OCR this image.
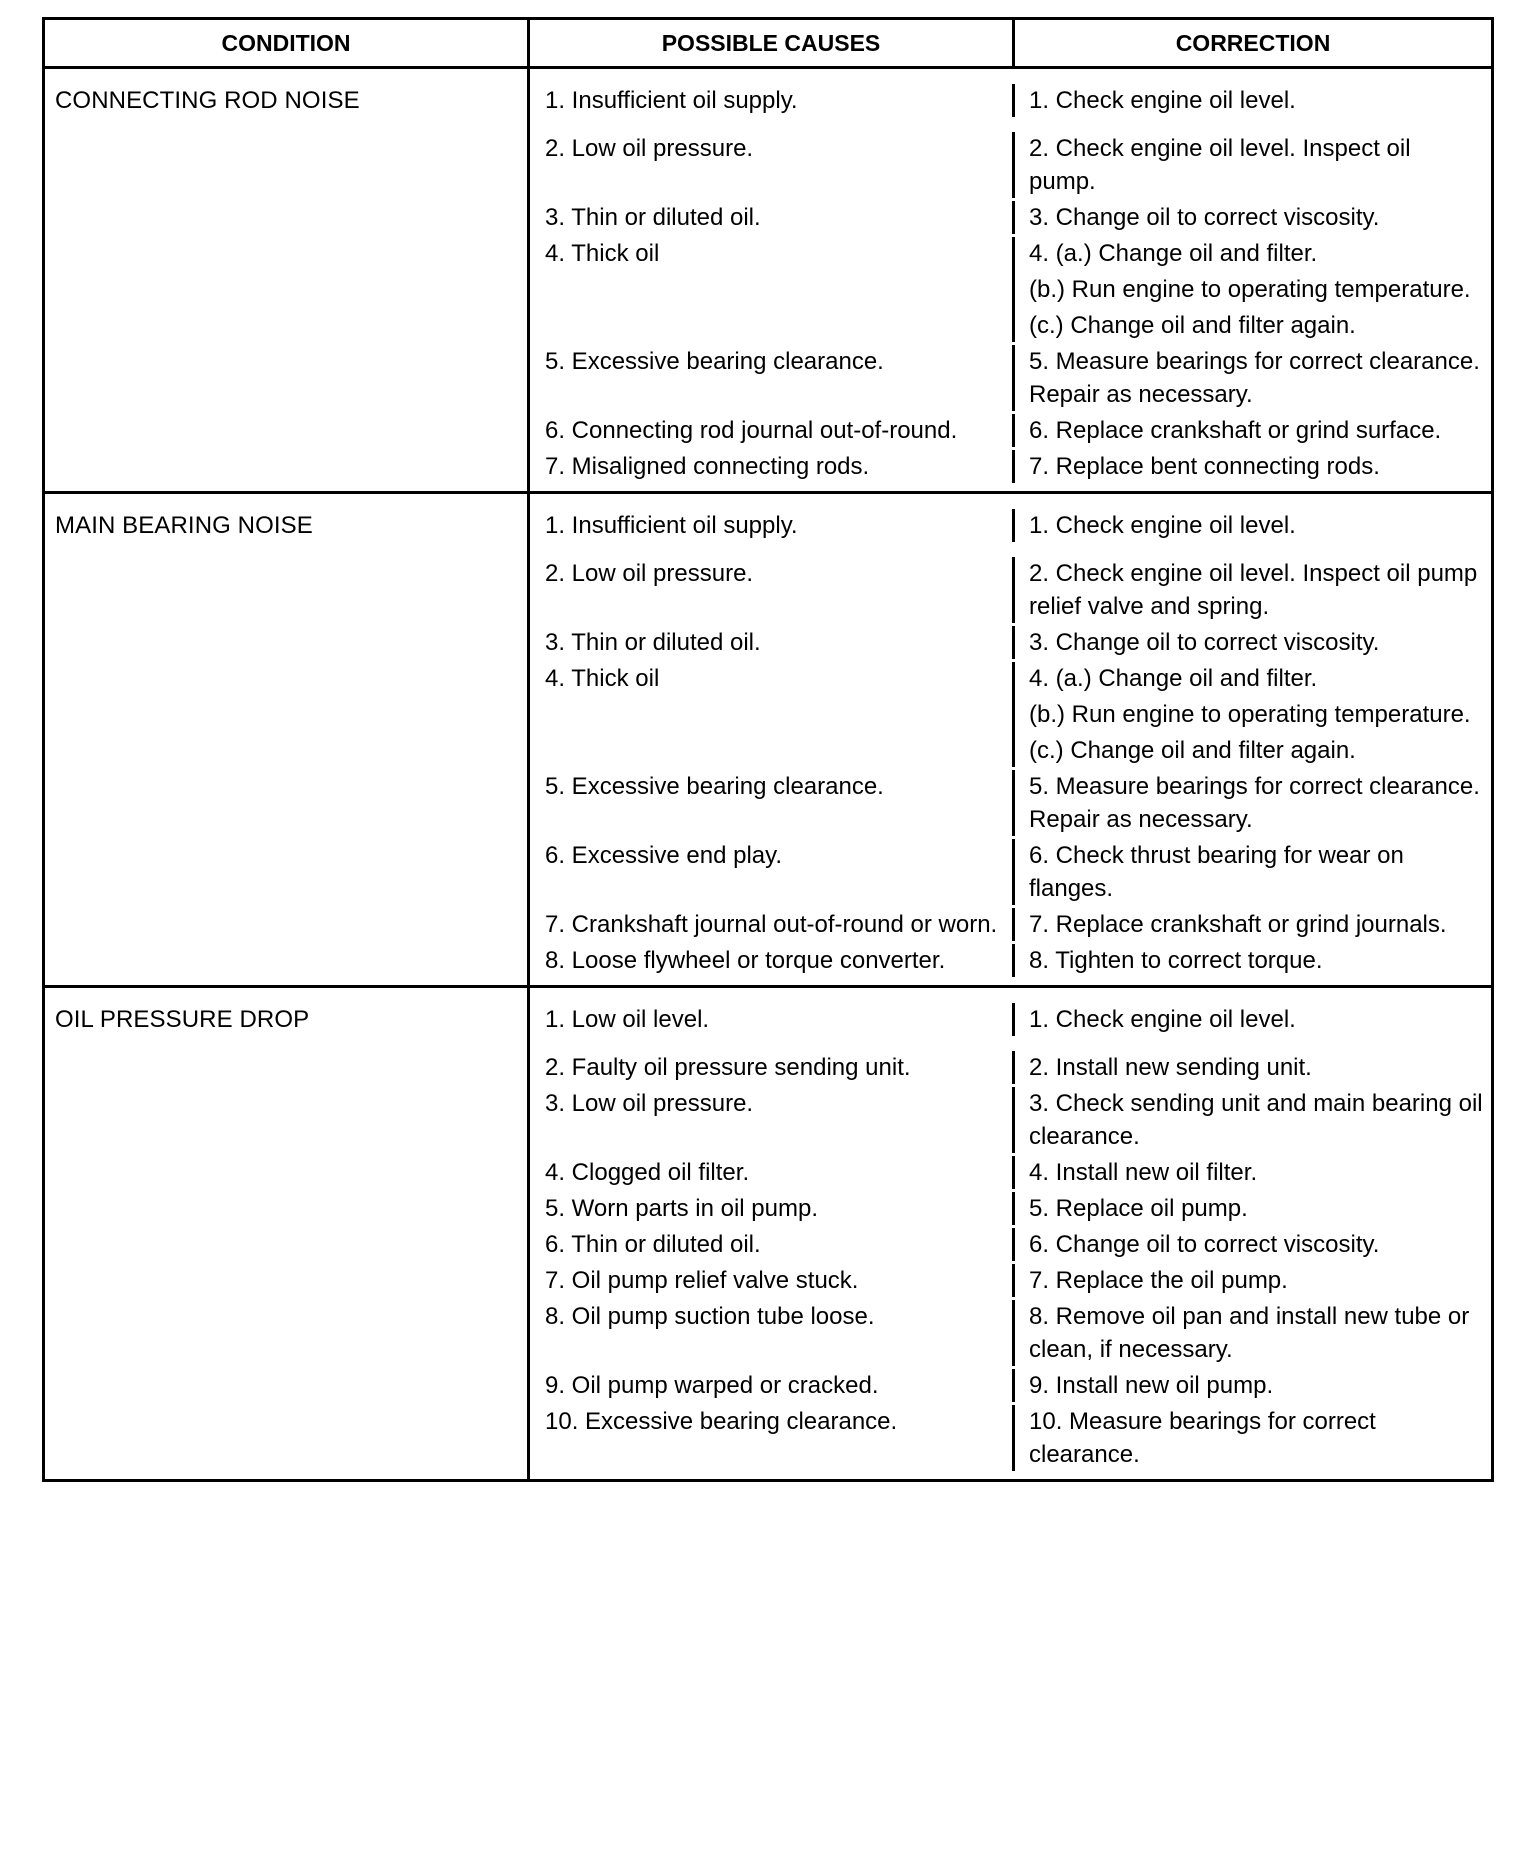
CONDITION	POSSIBLE CAUSES	CORRECTION
CONNECTING ROD NOISE	1. Insufficient oil supply.	1. Check engine oil level.
2. Low oil pressure.	2. Check engine oil level. Inspect oil pump.
3. Thin or diluted oil.	3. Change oil to correct viscosity.
4. Thick oil	4. (a.) Change oil and filter.
(b.) Run engine to operating temperature.
(c.) Change oil and filter again.
5. Excessive bearing clearance.	5. Measure bearings for correct clearance. Repair as necessary.
6. Connecting rod journal out-of-round.	6. Replace crankshaft or grind surface.
7. Misaligned connecting rods.	7. Replace bent connecting rods.
MAIN BEARING NOISE	1. Insufficient oil supply.	1. Check engine oil level.
2. Low oil pressure.	2. Check engine oil level. Inspect oil pump relief valve and spring.
3. Thin or diluted oil.	3. Change oil to correct viscosity.
4. Thick oil	4. (a.) Change oil and filter.
(b.) Run engine to operating temperature.
(c.) Change oil and filter again.
5. Excessive bearing clearance.	5. Measure bearings for correct clearance. Repair as necessary.
6. Excessive end play.	6. Check thrust bearing for wear on flanges.
7. Crankshaft journal out-of-round or worn. 7. Replace crankshaft or grind journals.
8. Loose flywheel or torque converter.	8. Tighten to correct torque.
OIL PRESSURE DROP	1. Low oil level.	1. Check engine oil level.
2. Faulty oil pressure sending unit.	2. Install new sending unit.
3. Low oil pressure.	3. Check sending unit and main bearing oil clearance.
4. Clogged oil filter.	4. Install new oil filter.
5. Worn parts in oil pump.	5. Replace oil pump.
6. Thin or diluted oil.	6. Change oil to correct viscosity.
7. Oil pump relief valve stuck.	7. Replace the oil pump.
8. Oil pump suction tube loose.	8. Remove oil pan and install new tube or clean, if necessary.
9. Oil pump warped or cracked.	9. Install new oil pump.
10. Excessive bearing clearance.	10. Measure bearings for correct clearance.
